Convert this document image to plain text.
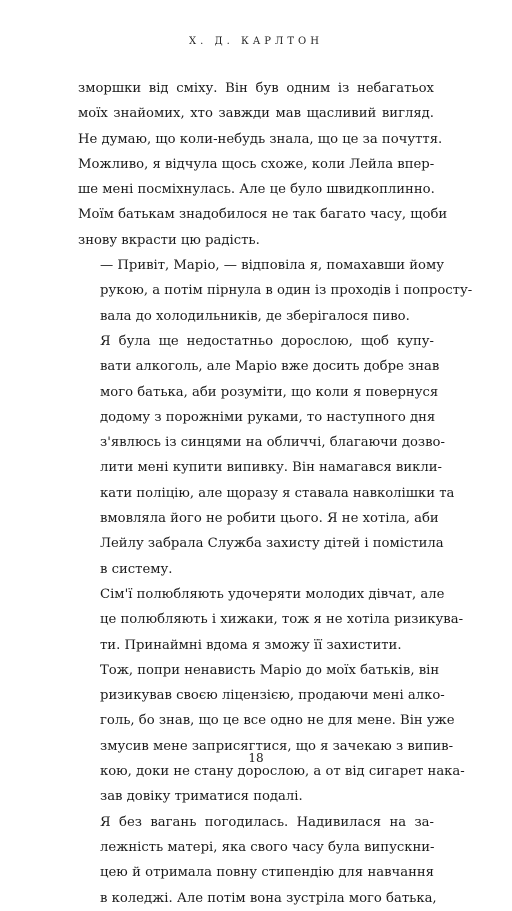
Х. Д. КАРЛТОН

зморшки від сміху. Він був одним із небагатьох
моїх знайомих, хто завжди мав щасливий вигляд.
Не думаю, що коли-небудь знала, що це за почуття.
Можливо, я відчула щось схоже, коли Лейла впер-
ше мені посміхнулась. Але це було швидкоплинно.
Моїм батькам знадобилося не так багато часу, щоби
знову вкрасти цю радість.

— Привіт, Маріо, — відповіла я, помахавши йому
рукою, а потім пірнула в один із проходів і попросту-
вала до холодильників, де зберігалося пиво.

Я була ще недостатньо дорослою, щоб купу-
вати алкоголь, але Маріо вже досить добре знав
мого батька, аби розуміти, що коли я повернуся
додому з порожніми руками, то наступного дня
з'явлюсь із синцями на обличчі, благаючи дозво-
лити мені купити випивку. Він намагався викли-
кати поліцію, але щоразу я ставала навколішки та
вмовляла його не робити цього. Я не хотіла, аби
Лейлу забрала Служба захисту дітей і помістила
в систему.

Сім'ї полюбляють удочеряти молодих дівчат, але
це полюбляють і хижаки, тож я не хотіла ризикува-
ти. Принаймні вдома я зможу її захистити.

Тож, попри ненависть Маріо до моїх батьків, він
ризикував своєю ліцензією, продаючи мені алко-
голь, бо знав, що це все одно не для мене. Він уже
змусив мене заприсягтися, що я зачекаю з випив-
кою, доки не стану дорослою, а от від сигарет нака-
зав довіку триматися подалі.

Я без вагань погодилась. Надивилася на за-
лежність матері, яка свого часу була випускни-
цею й отримала повну стипендію для навчання
в коледжі. Але потім вона зустріла мого батька,

18
